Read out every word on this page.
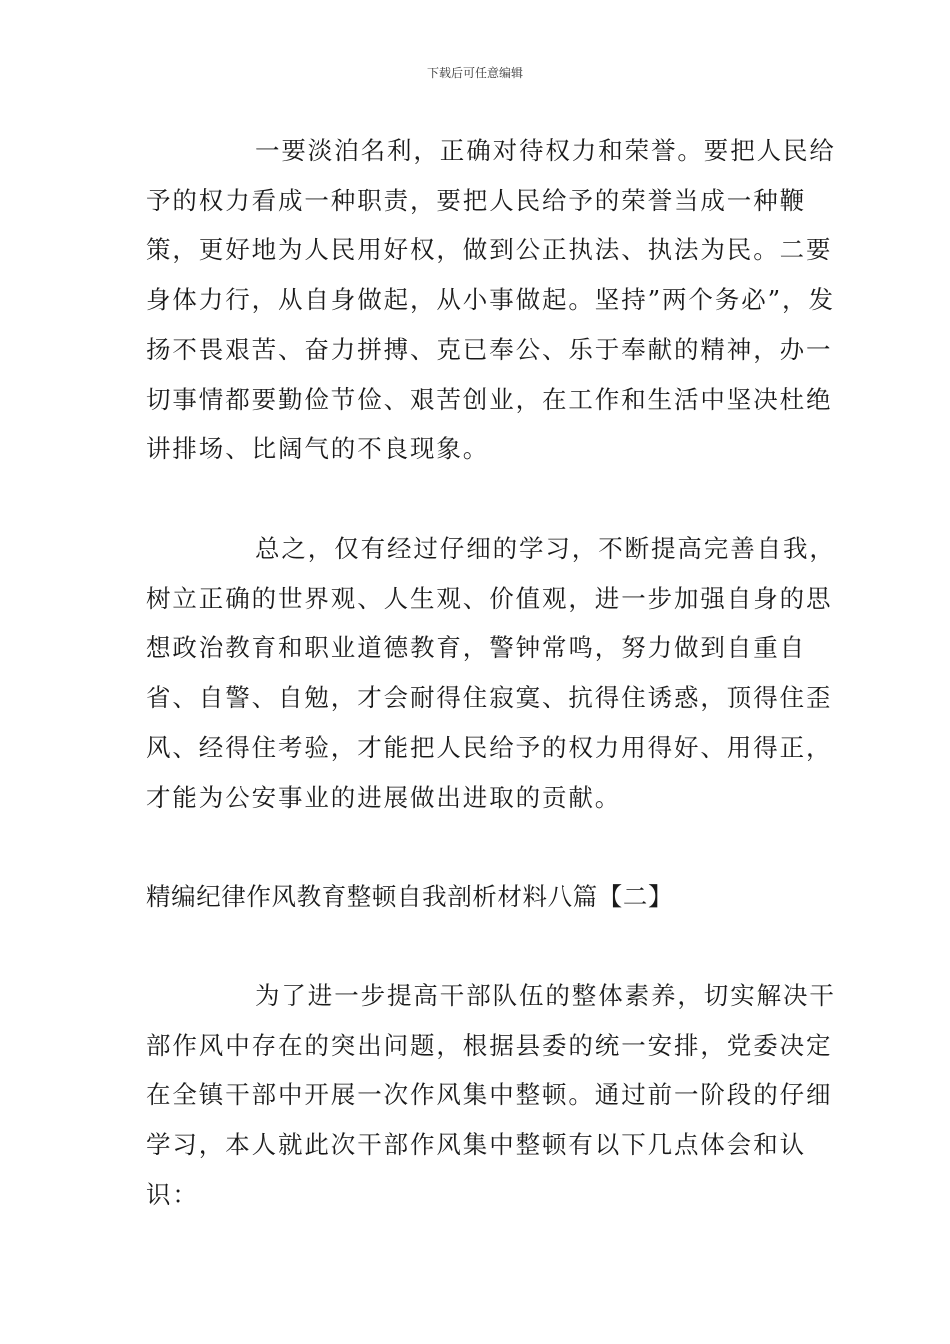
下载后可任意编辑

一要淡泊名利，正确对待权力和荣誉。要把人民给予的权力看成一种职责，要把人民给予的荣誉当成一种鞭策，更好地为人民用好权，做到公正执法、执法为民。二要身体力行，从自身做起，从小事做起。坚持”两个务必”，发扬不畏艰苦、奋力拼搏、克已奉公、乐于奉献的精神，办一切事情都要勤俭节俭、艰苦创业，在工作和生活中坚决杜绝讲排场、比阔气的不良现象。

总之，仅有经过仔细的学习，不断提高完善自我，树立正确的世界观、人生观、价值观，进一步加强自身的思想政治教育和职业道德教育，警钟常鸣，努力做到自重自省、自警、自勉，才会耐得住寂寞、抗得住诱惑，顶得住歪风、经得住考验，才能把人民给予的权力用得好、用得正，才能为公安事业的进展做出进取的贡献。

精编纪律作风教育整顿自我剖析材料八篇【二】

为了进一步提高干部队伍的整体素养，切实解决干部作风中存在的突出问题，根据县委的统一安排，党委决定在全镇干部中开展一次作风集中整顿。通过前一阶段的仔细学习，本人就此次干部作风集中整顿有以下几点体会和认识：
